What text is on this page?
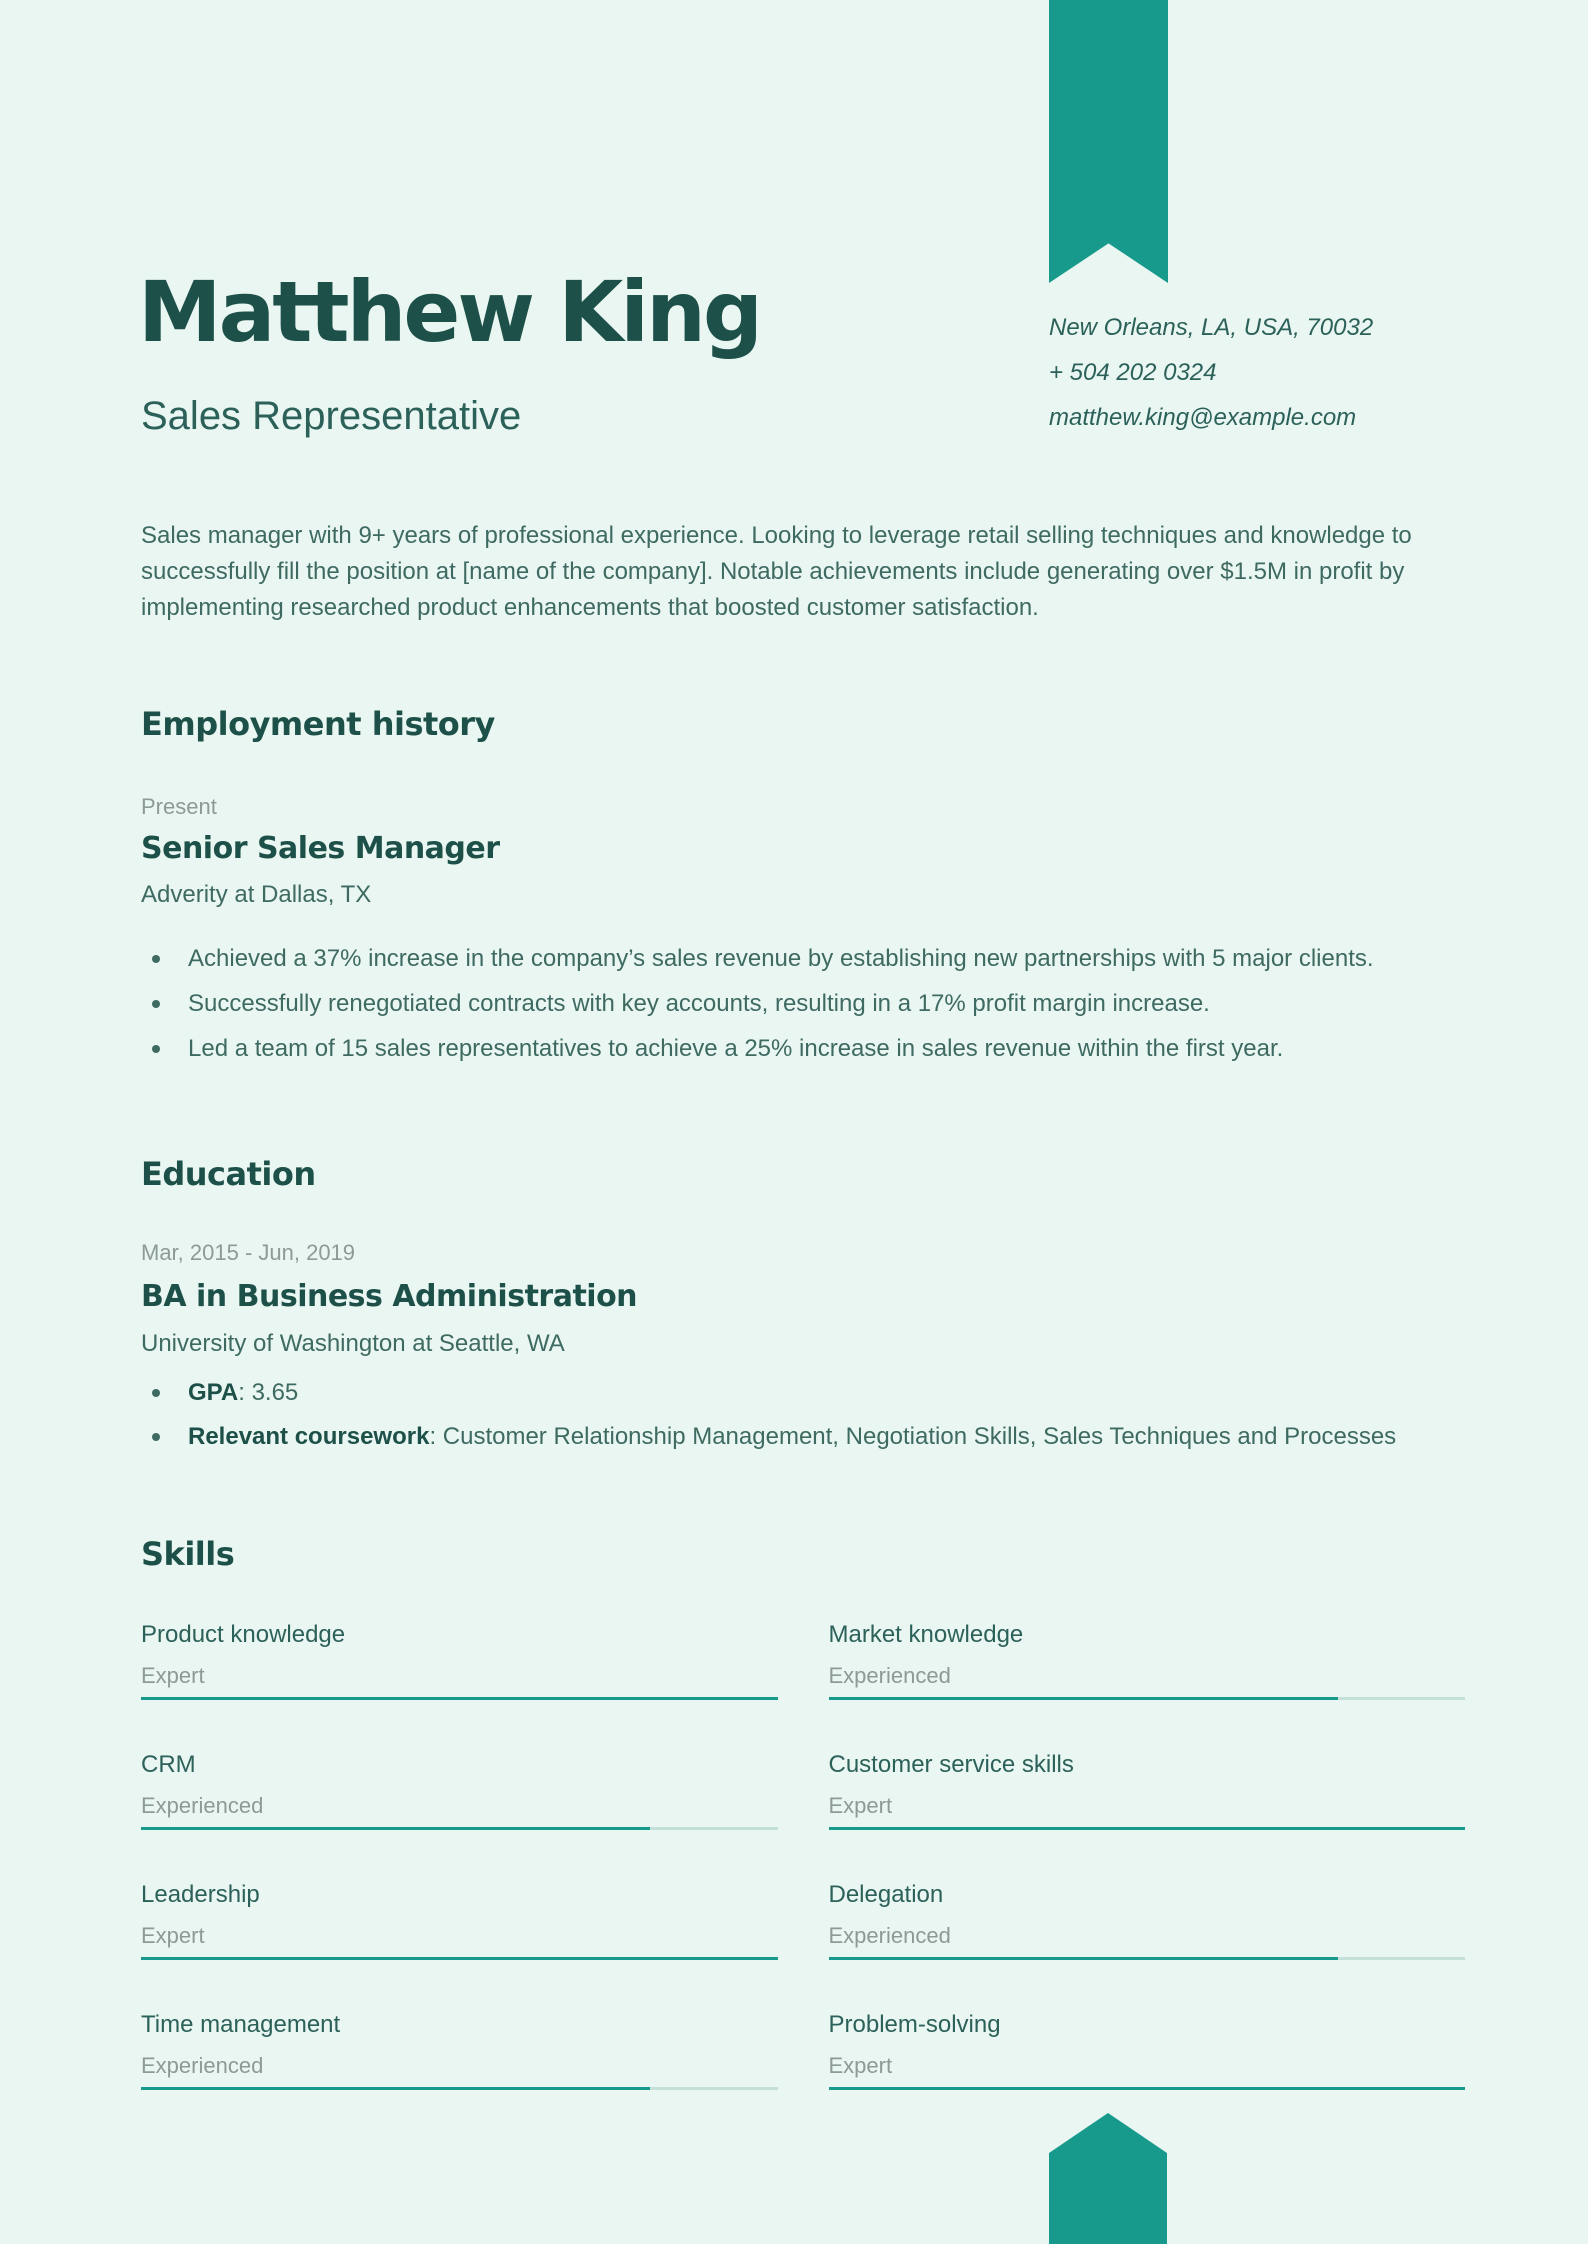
Matthew King
Sales Representative
New Orleans, LA, USA, 70032
+ 504 202 0324
matthew.king@example.com
Sales manager with 9+ years of professional experience. Looking to leverage retail selling techniques and knowledge to successfully fill the position at [name of the company]. Notable achievements include generating over $1.5M in profit by implementing researched product enhancements that boosted customer satisfaction.
Employment history
Present
Senior Sales Manager
Adverity at Dallas, TX
Achieved a 37% increase in the company’s sales revenue by establishing new partnerships with 5 major clients.
Successfully renegotiated contracts with key accounts, resulting in a 17% profit margin increase.
Led a team of 15 sales representatives to achieve a 25% increase in sales revenue within the first year.
Education
Mar, 2015 - Jun, 2019
BA in Business Administration
University of Washington at Seattle, WA
GPA: 3.65
Relevant coursework: Customer Relationship Management, Negotiation Skills, Sales Techniques and Processes
Skills
Product knowledge
Expert
Market knowledge
Experienced
CRM
Experienced
Customer service skills
Expert
Leadership
Expert
Delegation
Experienced
Time management
Experienced
Problem-solving
Expert
